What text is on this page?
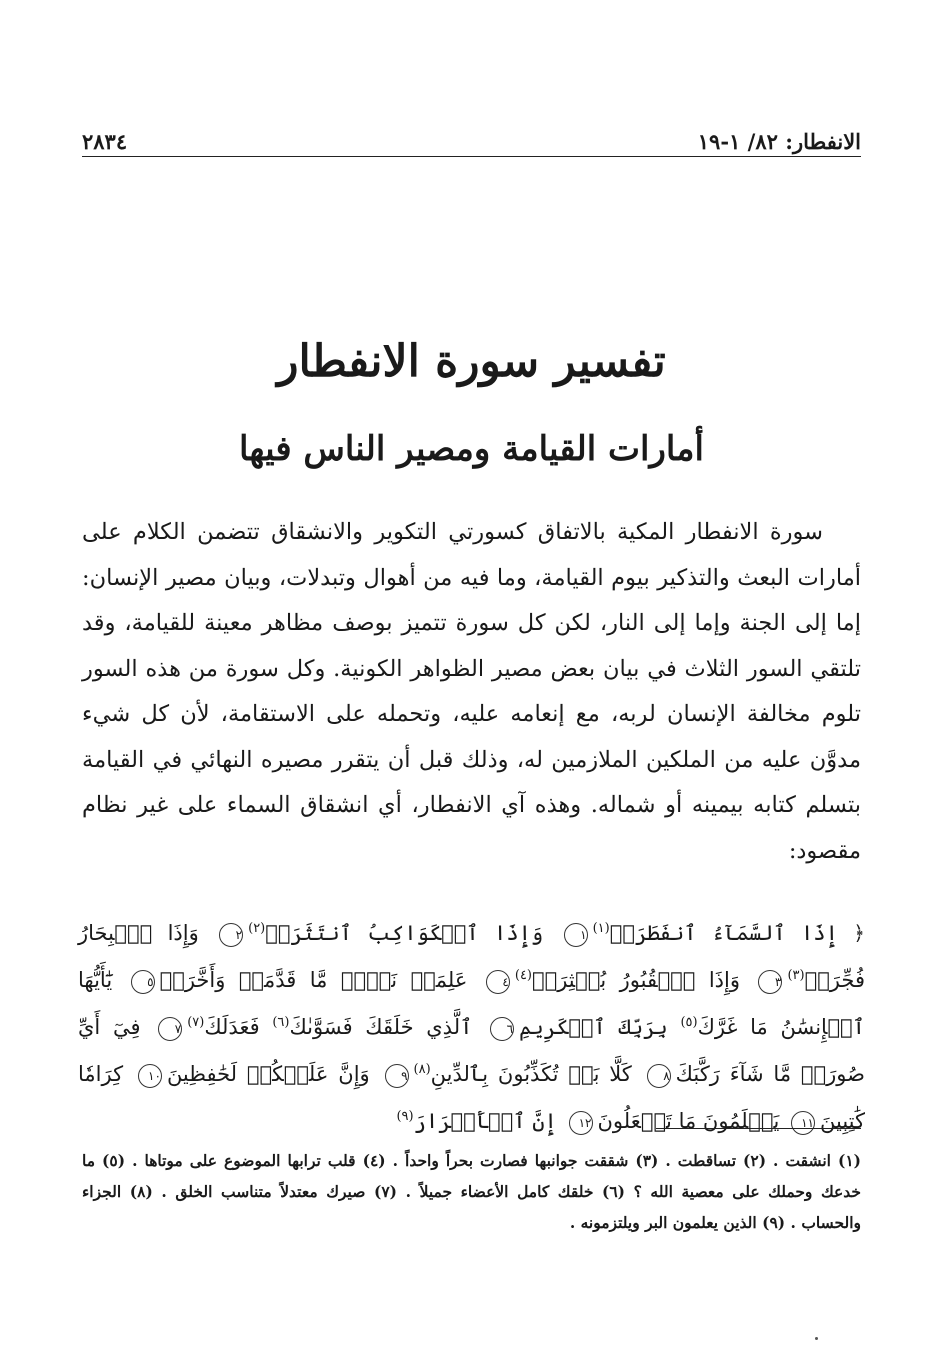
الانفطار: ٨٢/ ١-١٩
٢٨٣٤
تفسير سورة الانفطار
أمارات القيامة ومصير الناس فيها

سورة الانفطار المكية بالاتفاق كسورتي التكوير والانشقاق تتضمن الكلام على أمارات البعث والتذكير بيوم القيامة، وما فيه من أهوال وتبدلات، وبيان مصير الإنسان: إما إلى الجنة وإما إلى النار، لكن كل سورة تتميز بوصف مظاهر معينة للقيامة، وقد تلتقي السور الثلاث في بيان بعض مصير الظواهر الكونية. وكل سورة من هذه السور تلوم مخالفة الإنسان لربه، مع إنعامه عليه، وتحمله على الاستقامة، لأن كل شيء مدوَّن عليه من الملكين الملازمين له، وذلك قبل أن يتقرر مصيره النهائي في القيامة بتسلم كتابه بيمينه أو شماله. وهذه آي الانفطار، أي انشقاق السماء على غير نظام مقصود:

﴿ إِذَا ٱلسَّمَآءُ ٱنفَطَرَتۡ$^{(١)}$١ وَإِذَا ٱلۡكَوَاكِبُ ٱنتَثَرَتۡ$^{(٢)}$٢ وَإِذَا ٱلۡبِحَارُ فُجِّرَتۡ$^{(٣)}$٣ وَإِذَا ٱلۡقُبُورُ بُعۡثِرَتۡ$^{(٤)}$٤ عَلِمَتۡ نَفۡسٞ مَّا قَدَّمَتۡ وَأَخَّرَتۡ٥ يَٰٓأَيُّهَا ٱلۡإِنسَٰنُ مَا غَرَّكَ$^{(٥)}$ بِرَبِّكَ ٱلۡكَرِيمِ٦ ٱلَّذِي خَلَقَكَ فَسَوَّىٰكَ$^{(٦)}$ فَعَدَلَكَ$^{(٧)}$٧ فِيٓ أَيِّ صُورَةٖ مَّا شَآءَ رَكَّبَكَ٨ كَلَّا بَلۡ تُكَذِّبُونَ بِٱلدِّينِ$^{(٨)}$٩ وَإِنَّ عَلَيۡكُمۡ لَحَٰفِظِينَ١٠ كِرَامٗا كَٰتِبِينَ١١ يَعۡلَمُونَ مَا تَفۡعَلُونَ١٢ إِنَّ ٱلۡأَبۡرَارَ$^{(٩)}$
(١) انشقت . (٢) تساقطت . (٣) شققت جوانبها فصارت بحراً واحداً . (٤) قلب ترابها الموضوع على موتاها . (٥) ما خدعك وحملك على معصية الله ؟ (٦) خلقك كامل الأعضاء جميلاً . (٧) صيرك معتدلاً متناسب الخلق . (٨) الجزاء والحساب . (٩) الذين يعلمون البر ويلتزمونه .
